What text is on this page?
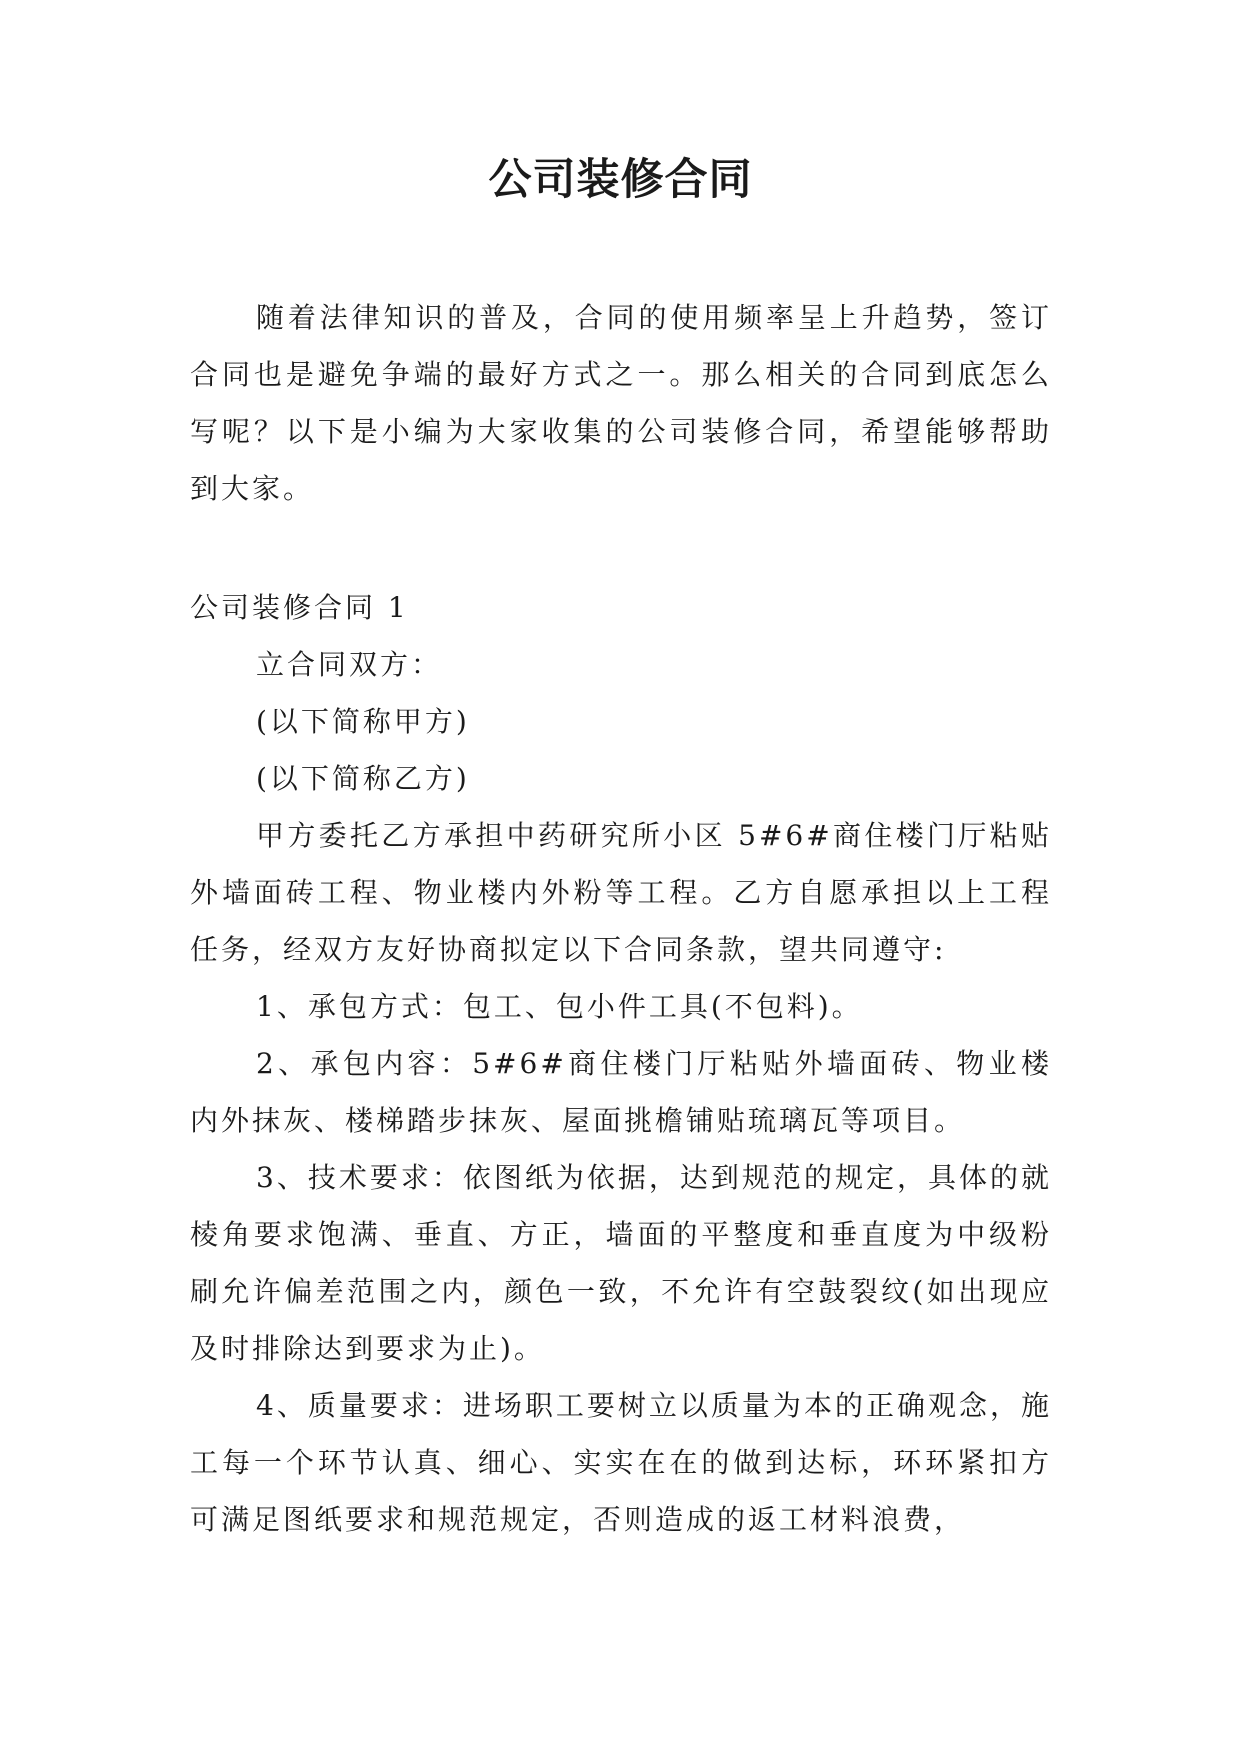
公司装修合同
随着法律知识的普及，合同的使用频率呈上升趋势，签订合同也是避免争端的最好方式之一。那么相关的合同到底怎么写呢？以下是小编为大家收集的公司装修合同，希望能够帮助到大家。

公司装修合同 1

立合同双方：

(以下简称甲方)

(以下简称乙方)

甲方委托乙方承担中药研究所小区 5#6#商住楼门厅粘贴外墙面砖工程、物业楼内外粉等工程。乙方自愿承担以上工程任务，经双方友好协商拟定以下合同条款，望共同遵守:

1、承包方式：包工、包小件工具(不包料)。

2、承包内容：5#6#商住楼门厅粘贴外墙面砖、物业楼内外抹灰、楼梯踏步抹灰、屋面挑檐铺贴琉璃瓦等项目。

3、技术要求：依图纸为依据，达到规范的规定，具体的就棱角要求饱满、垂直、方正，墙面的平整度和垂直度为中级粉刷允许偏差范围之内，颜色一致，不允许有空鼓裂纹(如出现应及时排除达到要求为止)。

4、质量要求：进场职工要树立以质量为本的正确观念，施工每一个环节认真、细心、实实在在的做到达标，环环紧扣方可满足图纸要求和规范规定，否则造成的返工材料浪费，
